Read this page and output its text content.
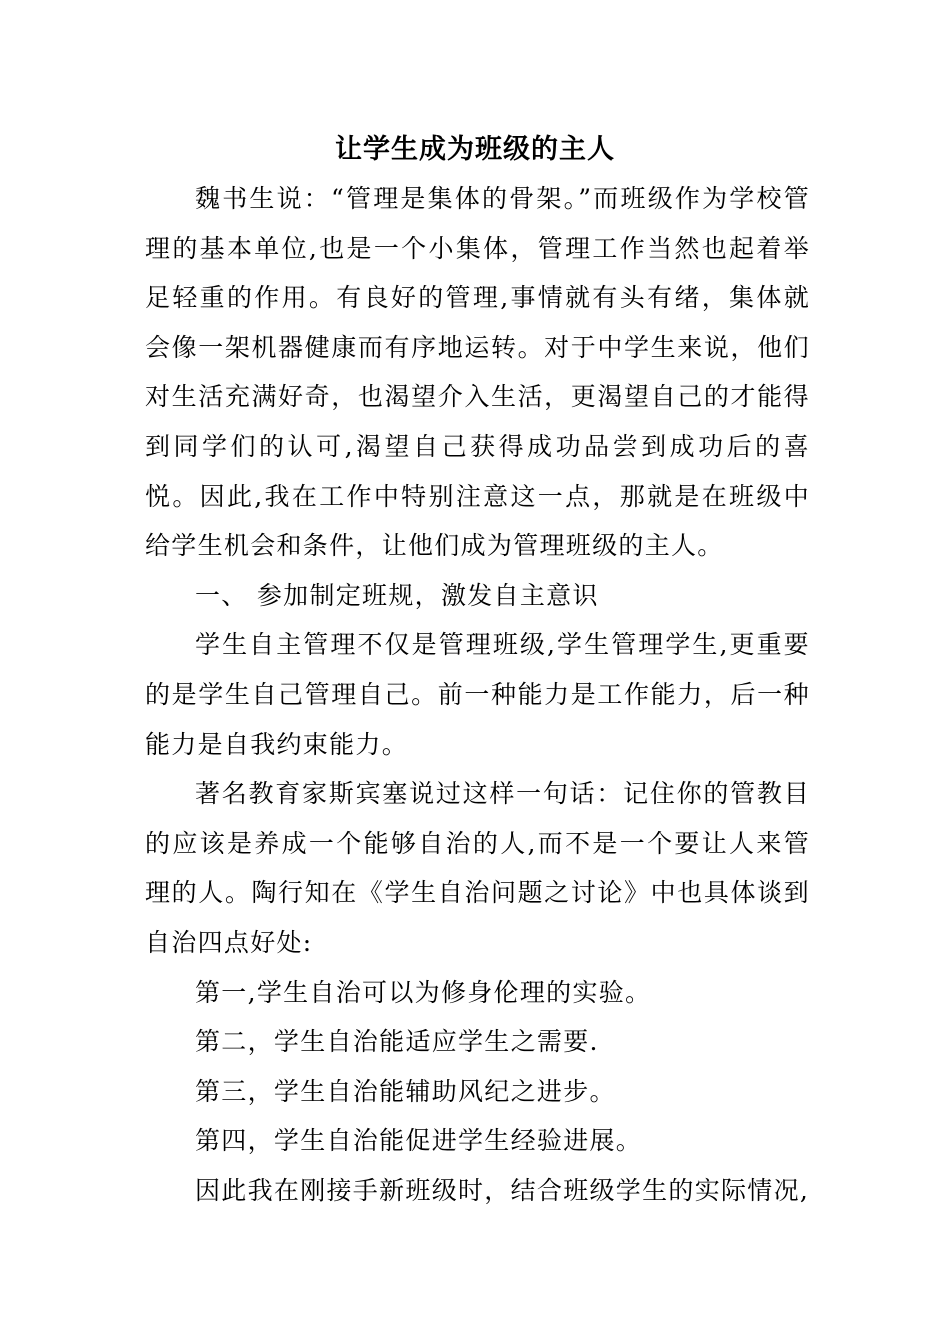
让学生成为班级的主人

魏书生说：“管理是集体的骨架。”而班级作为学校管理的基本单位,也是一个小集体，管理工作当然也起着举足轻重的作用。有良好的管理,事情就有头有绪，集体就会像一架机器健康而有序地运转。对于中学生来说，他们对生活充满好奇，也渴望介入生活，更渴望自己的才能得到同学们的认可,渴望自己获得成功品尝到成功后的喜悦。因此,我在工作中特别注意这一点，那就是在班级中给学生机会和条件，让他们成为管理班级的主人。

一、 参加制定班规，激发自主意识

学生自主管理不仅是管理班级,学生管理学生,更重要的是学生自己管理自己。前一种能力是工作能力，后一种能力是自我约束能力。

著名教育家斯宾塞说过这样一句话：记住你的管教目的应该是养成一个能够自治的人,而不是一个要让人来管理的人。陶行知在《学生自治问题之讨论》中也具体谈到自治四点好处:

第一,学生自治可以为修身伦理的实验。

第二，学生自治能适应学生之需要.

第三，学生自治能辅助风纪之进步。

第四，学生自治能促进学生经验进展。

因此我在刚接手新班级时，结合班级学生的实际情况,
